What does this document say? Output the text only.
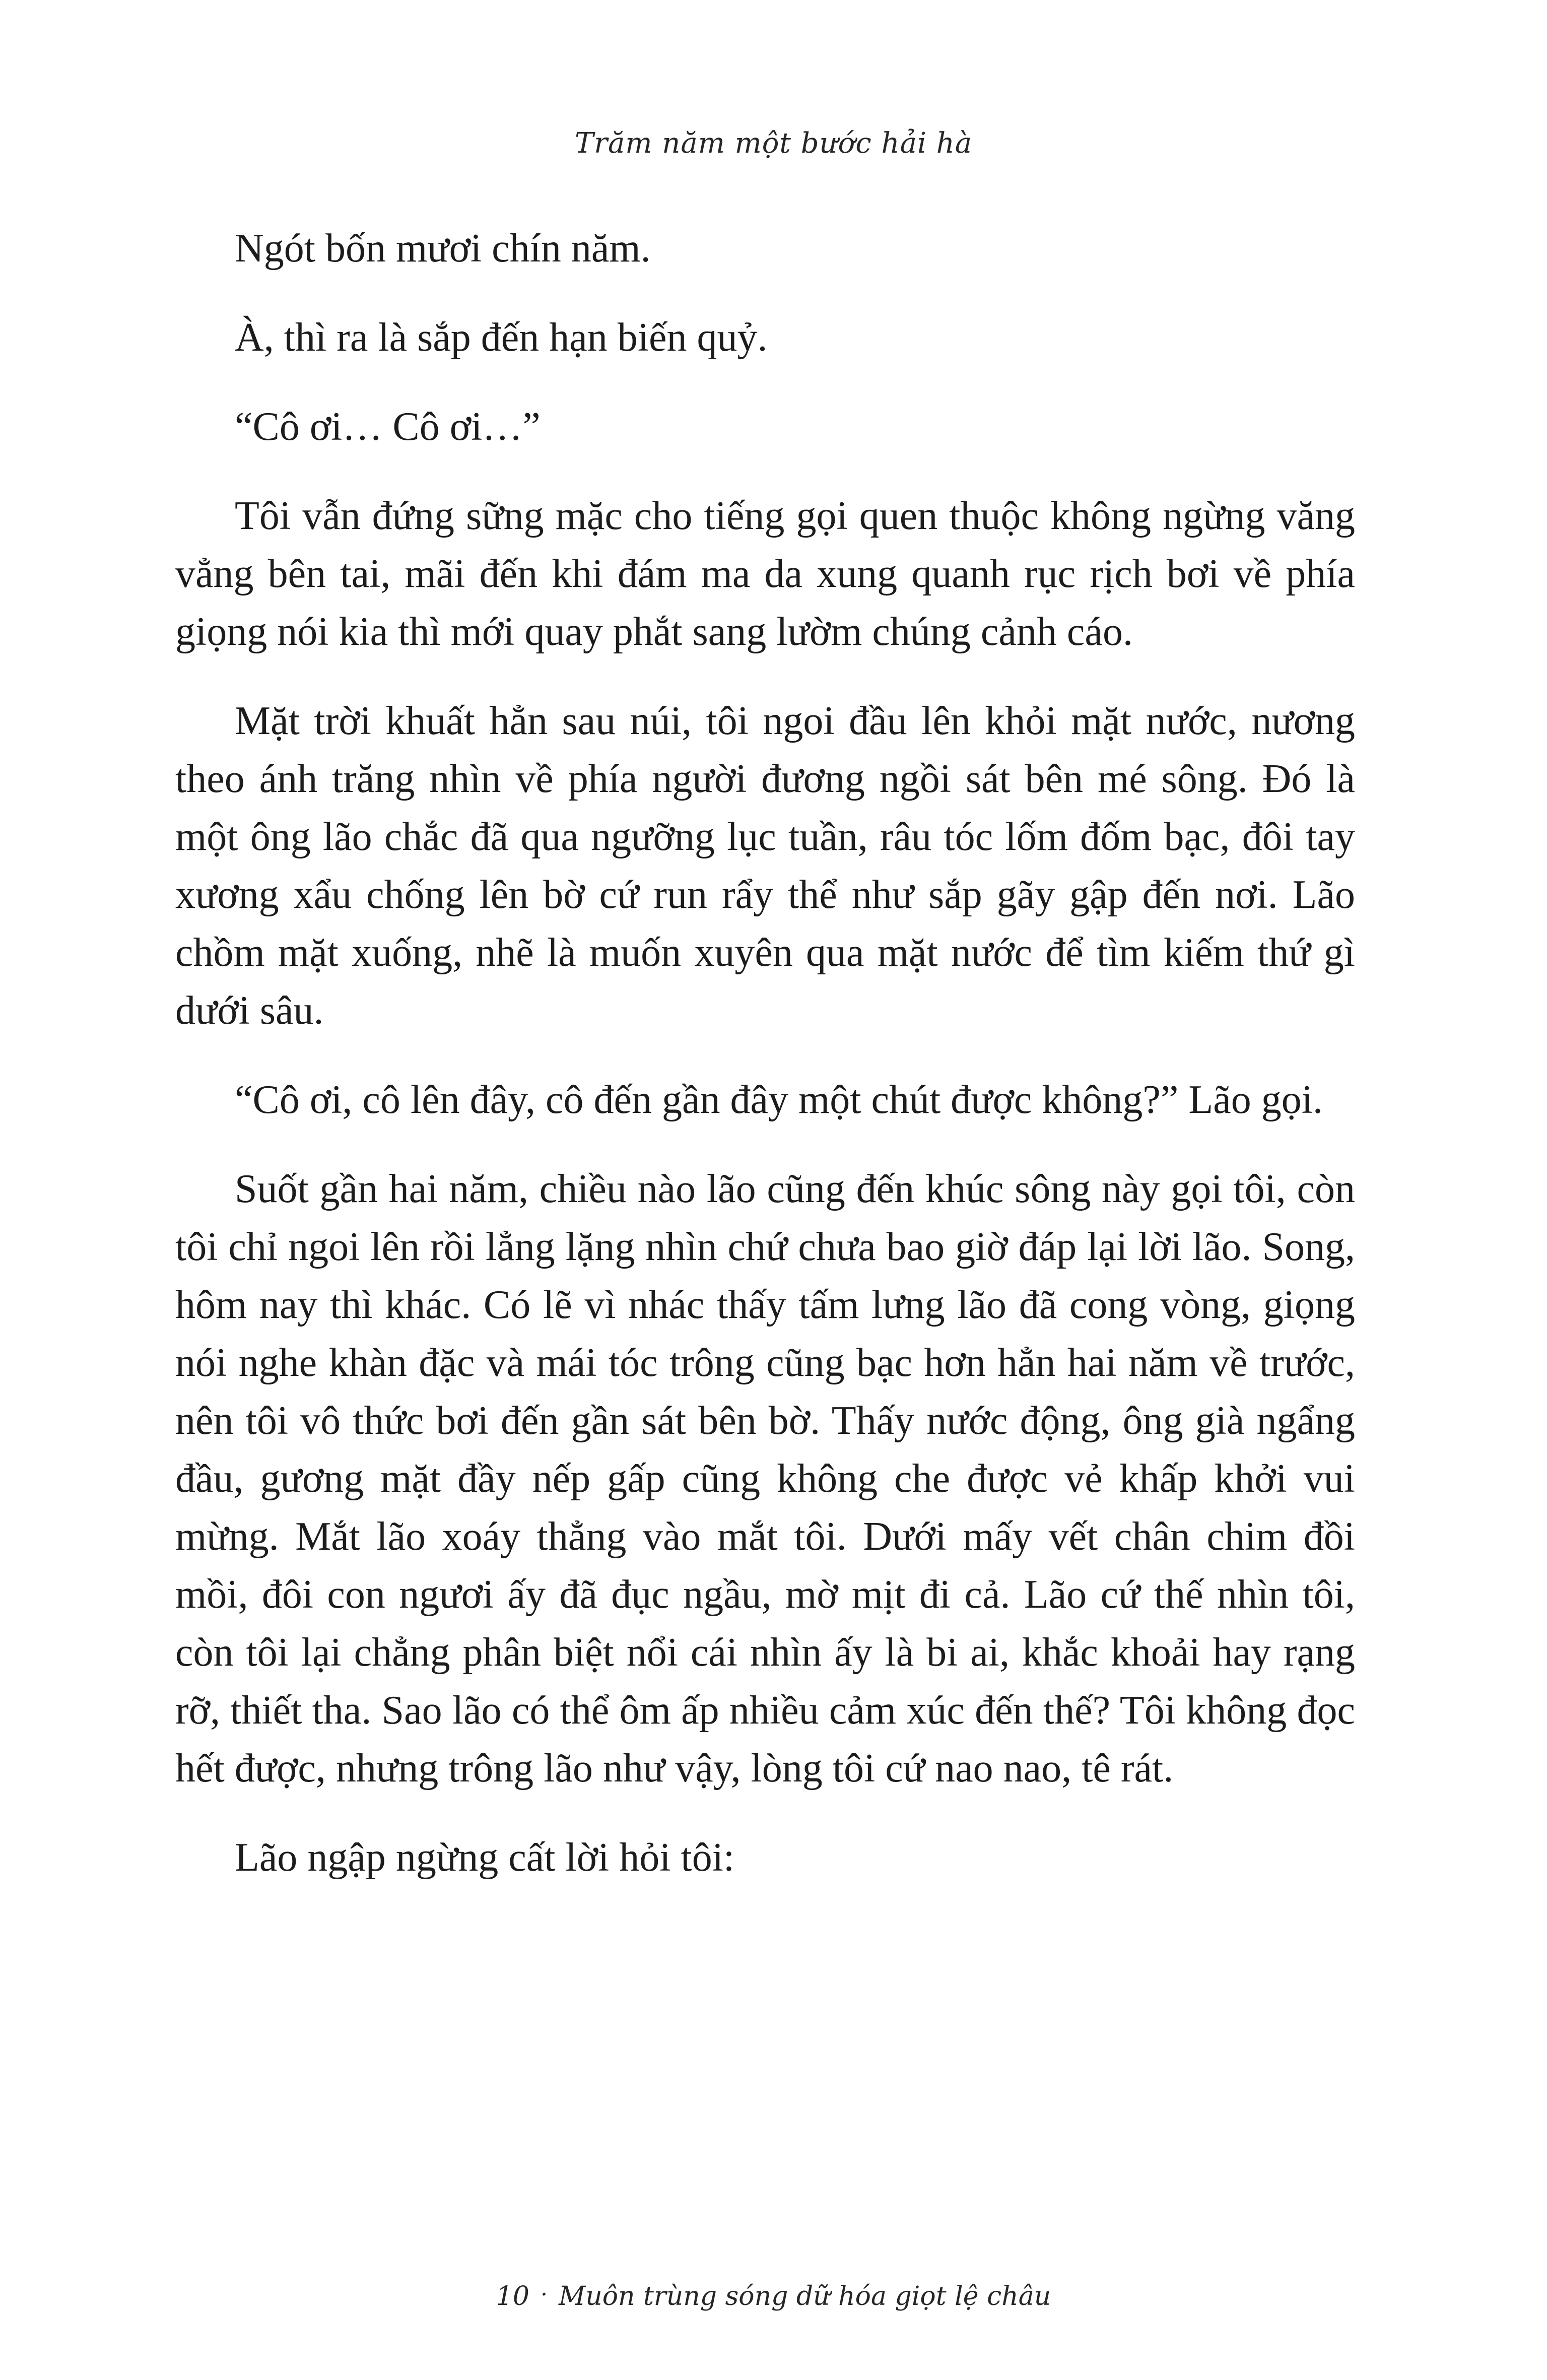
Trăm năm một bước hải hà

Ngót bốn mươi chín năm.

À, thì ra là sắp đến hạn biến quỷ.

“Cô ơi… Cô ơi…”

Tôi vẫn đứng sững mặc cho tiếng gọi quen thuộc không ngừng văng vẳng bên tai, mãi đến khi đám ma da xung quanh rục rịch bơi về phía giọng nói kia thì mới quay phắt sang lườm chúng cảnh cáo.

Mặt trời khuất hẳn sau núi, tôi ngoi đầu lên khỏi mặt nước, nương theo ánh trăng nhìn về phía người đương ngồi sát bên mé sông. Đó là một ông lão chắc đã qua ngưỡng lục tuần, râu tóc lốm đốm bạc, đôi tay xương xẩu chống lên bờ cứ run rẩy thể như sắp gãy gập đến nơi. Lão chồm mặt xuống, nhẽ là muốn xuyên qua mặt nước để tìm kiếm thứ gì dưới sâu.

“Cô ơi, cô lên đây, cô đến gần đây một chút được không?” Lão gọi.

Suốt gần hai năm, chiều nào lão cũng đến khúc sông này gọi tôi, còn tôi chỉ ngoi lên rồi lẳng lặng nhìn chứ chưa bao giờ đáp lại lời lão. Song, hôm nay thì khác. Có lẽ vì nhác thấy tấm lưng lão đã cong vòng, giọng nói nghe khàn đặc và mái tóc trông cũng bạc hơn hẳn hai năm về trước, nên tôi vô thức bơi đến gần sát bên bờ. Thấy nước động, ông già ngẩng đầu, gương mặt đầy nếp gấp cũng không che được vẻ khấp khởi vui mừng. Mắt lão xoáy thẳng vào mắt tôi. Dưới mấy vết chân chim đồi mồi, đôi con ngươi ấy đã đục ngầu, mờ mịt đi cả. Lão cứ thế nhìn tôi, còn tôi lại chẳng phân biệt nổi cái nhìn ấy là bi ai, khắc khoải hay rạng rỡ, thiết tha. Sao lão có thể ôm ấp nhiều cảm xúc đến thế? Tôi không đọc hết được, nhưng trông lão như vậy, lòng tôi cứ nao nao, tê rát.

Lão ngập ngừng cất lời hỏi tôi:

10 · Muôn trùng sóng dữ hóa giọt lệ châu
